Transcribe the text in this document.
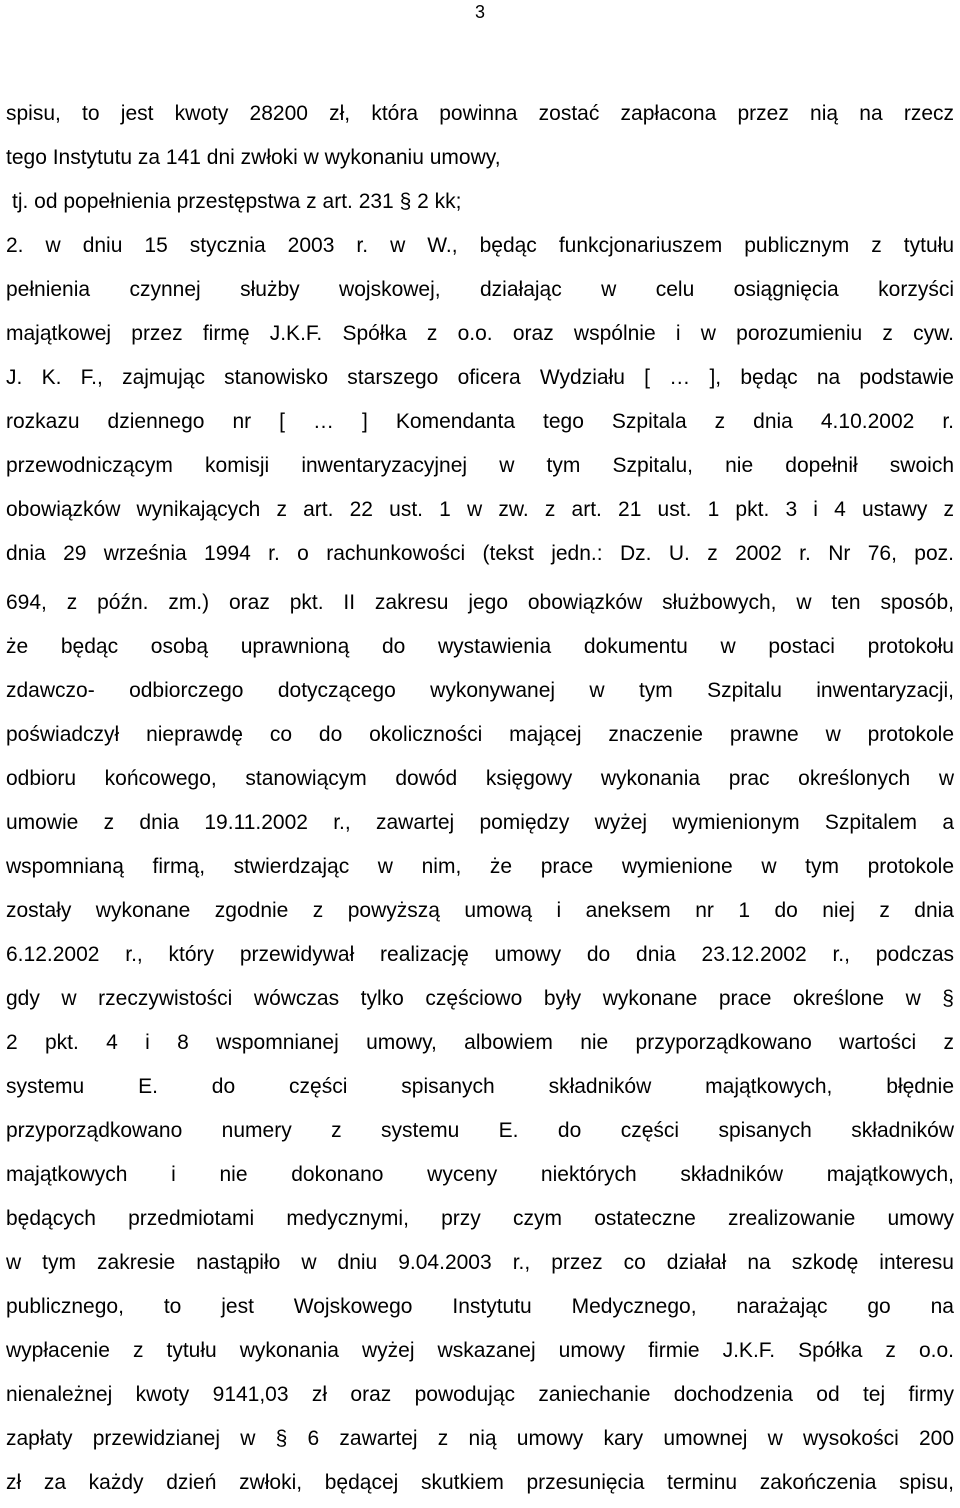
3
spisu, to jest kwoty 28200 zł, która powinna zostać zapłacona przez nią na rzecz
tego Instytutu za 141 dni zwłoki w wykonaniu umowy,
tj. od popełnienia przestępstwa z art. 231 § 2 kk;
2. w dniu 15 stycznia 2003 r. w W., będąc funkcjonariuszem publicznym z tytułu
pełnienia czynnej służby wojskowej, działając w celu osiągnięcia korzyści
majątkowej przez firmę J.K.F. Spółka z o.o. oraz wspólnie i w porozumieniu z cyw.
J. K. F., zajmując stanowisko starszego oficera Wydziału [ … ], będąc na podstawie
rozkazu dziennego nr [ … ] Komendanta tego Szpitala z dnia 4.10.2002 r.
przewodniczącym komisji inwentaryzacyjnej w tym Szpitalu, nie dopełnił swoich
obowiązków wynikających z art. 22 ust. 1 w zw. z art. 21 ust. 1 pkt. 3 i 4 ustawy z
dnia 29 września 1994 r. o rachunkowości (tekst jedn.: Dz. U. z 2002 r. Nr 76, poz.
694, z późn. zm.) oraz pkt. II zakresu jego obowiązków służbowych, w ten sposób,
że będąc osobą uprawnioną do wystawienia dokumentu w postaci protokołu
zdawczo- odbiorczego dotyczącego wykonywanej w tym Szpitalu inwentaryzacji,
poświadczył nieprawdę co do okoliczności mającej znaczenie prawne w protokole
odbioru końcowego, stanowiącym dowód księgowy wykonania prac określonych w
umowie z dnia 19.11.2002 r., zawartej pomiędzy wyżej wymienionym Szpitalem a
wspomnianą firmą, stwierdzając w nim, że prace wymienione w tym protokole
zostały wykonane zgodnie z powyższą umową i aneksem nr 1 do niej z dnia
6.12.2002 r., który przewidywał realizację umowy do dnia 23.12.2002 r., podczas
gdy w rzeczywistości wówczas tylko częściowo były wykonane prace określone w §
2 pkt. 4 i 8 wspomnianej umowy, albowiem nie przyporządkowano wartości z
systemu E. do części spisanych składników majątkowych, błędnie
przyporządkowano numery z systemu E. do części spisanych składników
majątkowych i nie dokonano wyceny niektórych składników majątkowych,
będących przedmiotami medycznymi, przy czym ostateczne zrealizowanie umowy
w tym zakresie nastąpiło w dniu 9.04.2003 r., przez co działał na szkodę interesu
publicznego, to jest Wojskowego Instytutu Medycznego, narażając go na
wypłacenie z tytułu wykonania wyżej wskazanej umowy firmie J.K.F. Spółka z o.o.
nienależnej kwoty 9141,03 zł oraz powodując zaniechanie dochodzenia od tej firmy
zapłaty przewidzianej w § 6 zawartej z nią umowy kary umownej w wysokości 200
zł za każdy dzień zwłoki, będącej skutkiem przesunięcia terminu zakończenia spisu,
